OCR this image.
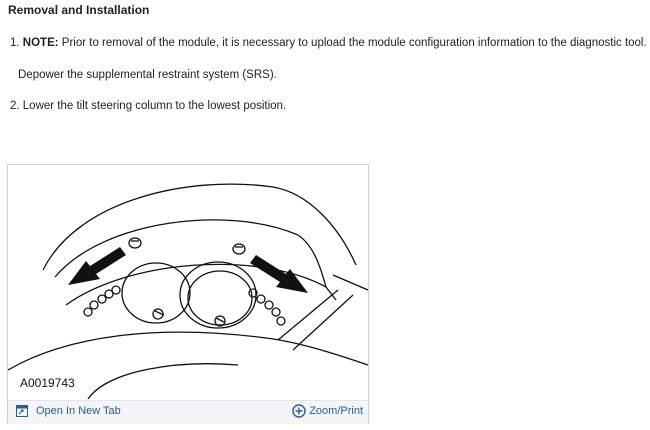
Removal and Installation
1. NOTE: Prior to removal of the module, it is necessary to upload the module configuration information to the diagnostic tool.
Depower the supplemental restraint system (SRS).
2. Lower the tilt steering column to the lowest position.
A0019743
Open In New Tab	Zoom/Print
